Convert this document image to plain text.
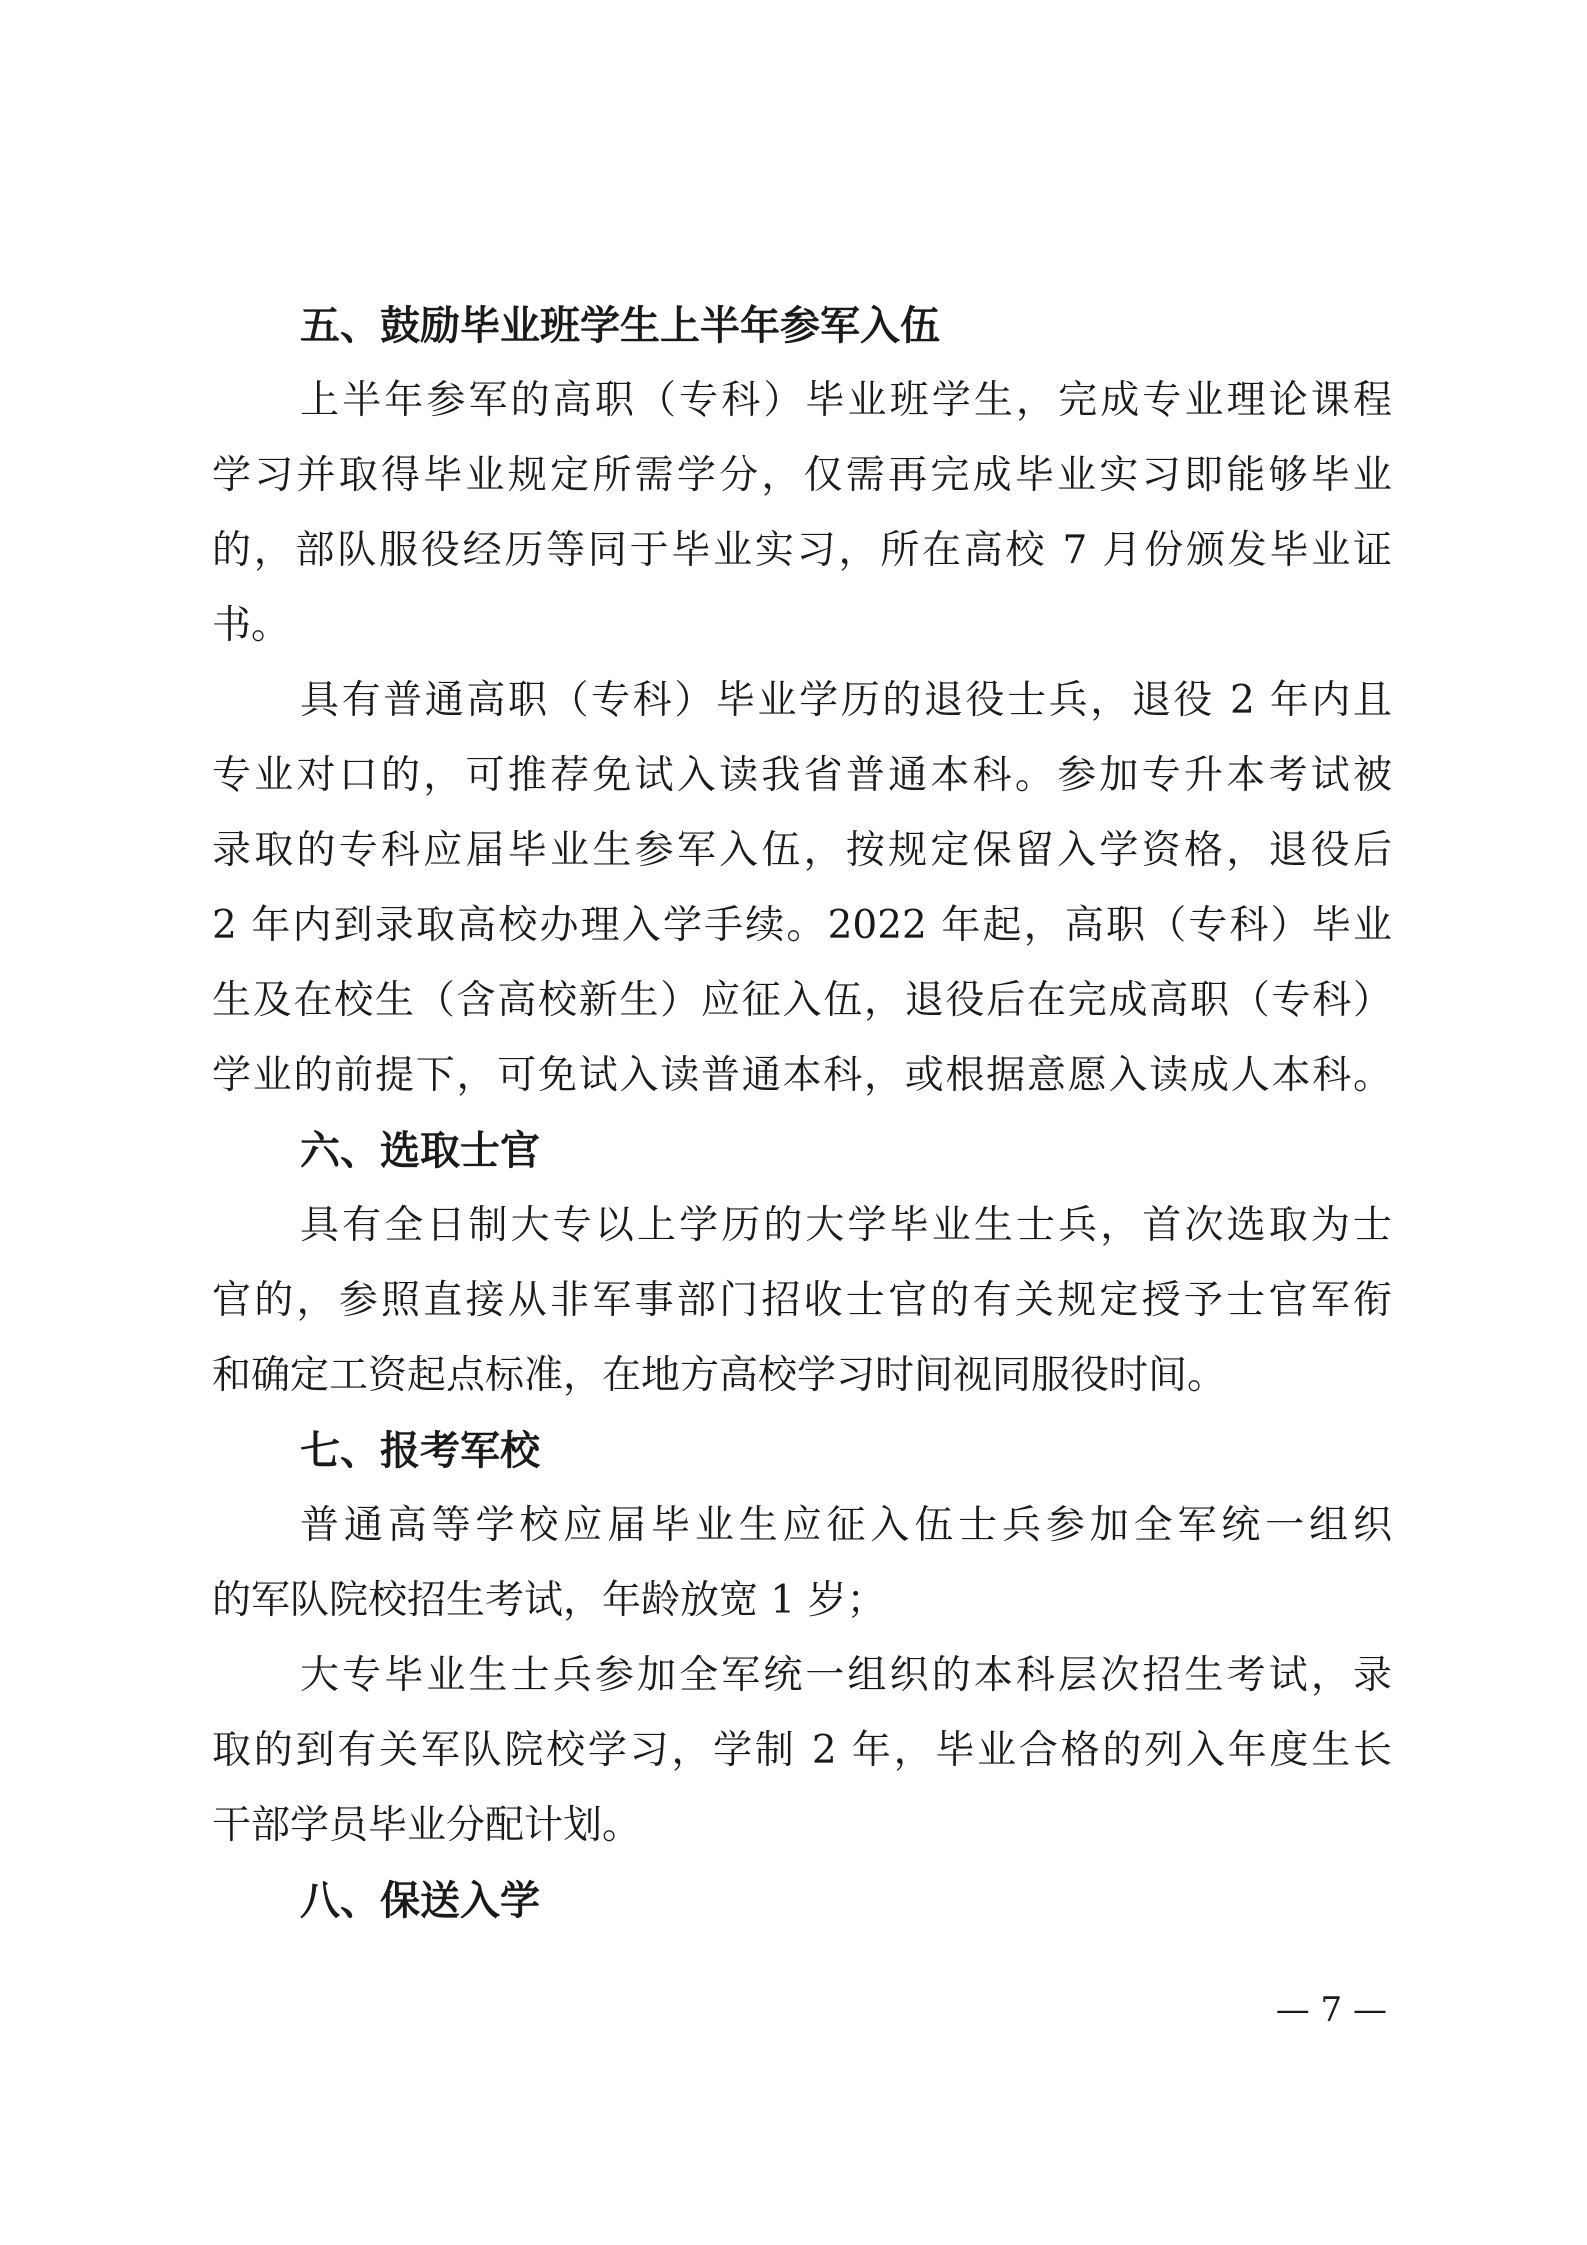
五、鼓励毕业班学生上半年参军入伍
上半年参军的高职（专科）毕业班学生，完成专业理论课程
学习并取得毕业规定所需学分，仅需再完成毕业实习即能够毕业
的，部队服役经历等同于毕业实习，所在高校 7 月份颁发毕业证
书。
具有普通高职（专科）毕业学历的退役士兵，退役 2 年内且
专业对口的，可推荐免试入读我省普通本科。参加专升本考试被
录取的专科应届毕业生参军入伍，按规定保留入学资格，退役后
2 年内到录取高校办理入学手续。2022 年起，高职（专科）毕业
生及在校生（含高校新生）应征入伍，退役后在完成高职（专科）
学业的前提下，可免试入读普通本科，或根据意愿入读成人本科。
六、选取士官
具有全日制大专以上学历的大学毕业生士兵，首次选取为士
官的，参照直接从非军事部门招收士官的有关规定授予士官军衔
和确定工资起点标准，在地方高校学习时间视同服役时间。
七、报考军校
普通高等学校应届毕业生应征入伍士兵参加全军统一组织
的军队院校招生考试，年龄放宽 1 岁；
大专毕业生士兵参加全军统一组织的本科层次招生考试，录
取的到有关军队院校学习，学制 2 年，毕业合格的列入年度生长
干部学员毕业分配计划。
八、保送入学
— 7 —
